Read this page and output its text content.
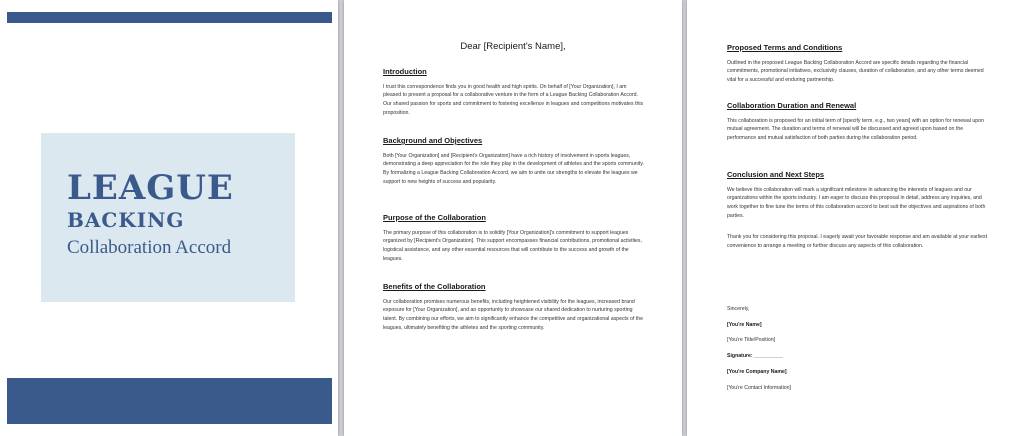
LEAGUE
BACKING
Collaboration Accord
Dear [Recipient's Name],
Introduction

I trust this correspondence finds you in good health and high spirits. On behalf of [Your Organization], I am pleased to present a proposal for a collaborative venture in the form of a League Backing Collaboration Accord. Our shared passion for sports and commitment to fostering excellence in leagues and competitions motivates this proposition.

Background and Objectives

Both [Your Organization] and [Recipient's Organization] have a rich history of involvement in sports leagues, demonstrating a deep appreciation for the role they play in the development of athletes and the sports community. By formalizing a League Backing Collaboration Accord, we aim to unite our strengths to elevate the leagues we support to new heights of success and popularity.

Purpose of the Collaboration

The primary purpose of this collaboration is to solidify [Your Organization]'s commitment to support leagues organized by [Recipient's Organization]. This support encompasses financial contributions, promotional activities, logistical assistance, and any other essential resources that will contribute to the success and growth of the leagues.

Benefits of the Collaboration

Our collaboration promises numerous benefits, including heightened visibility for the leagues, increased brand exposure for [Your Organization], and an opportunity to showcase our shared dedication to nurturing sporting talent. By combining our efforts, we aim to significantly enhance the competitive and organizational aspects of the leagues, ultimately benefiting the athletes and the sporting community.

Proposed Terms and Conditions

Outlined in the proposed League Backing Collaboration Accord are specific details regarding the financial commitments, promotional initiatives, exclusivity clauses, duration of collaboration, and any other terms deemed vital for a successful and enduring partnership.

Collaboration Duration and Renewal

This collaboration is proposed for an initial term of [specify term, e.g., two years] with an option for renewal upon mutual agreement. The duration and terms of renewal will be discussed and agreed upon based on the performance and mutual satisfaction of both parties during the collaboration period.

Conclusion and Next Steps

We believe this collaboration will mark a significant milestone in advancing the interests of leagues and our organizations within the sports industry. I am eager to discuss this proposal in detail, address any inquiries, and work together to fine tune the terms of this collaboration accord to best suit the objectives and aspirations of both parties.

Thank you for considering this proposal. I eagerly await your favorable response and am available at your earliest convenience to arrange a meeting or further discuss any aspects of this collaboration.

Sincerely,
[You're Name]
[You're Title/Position]
Signature: __________
[You're Company Name]
[You're Contact Information]
